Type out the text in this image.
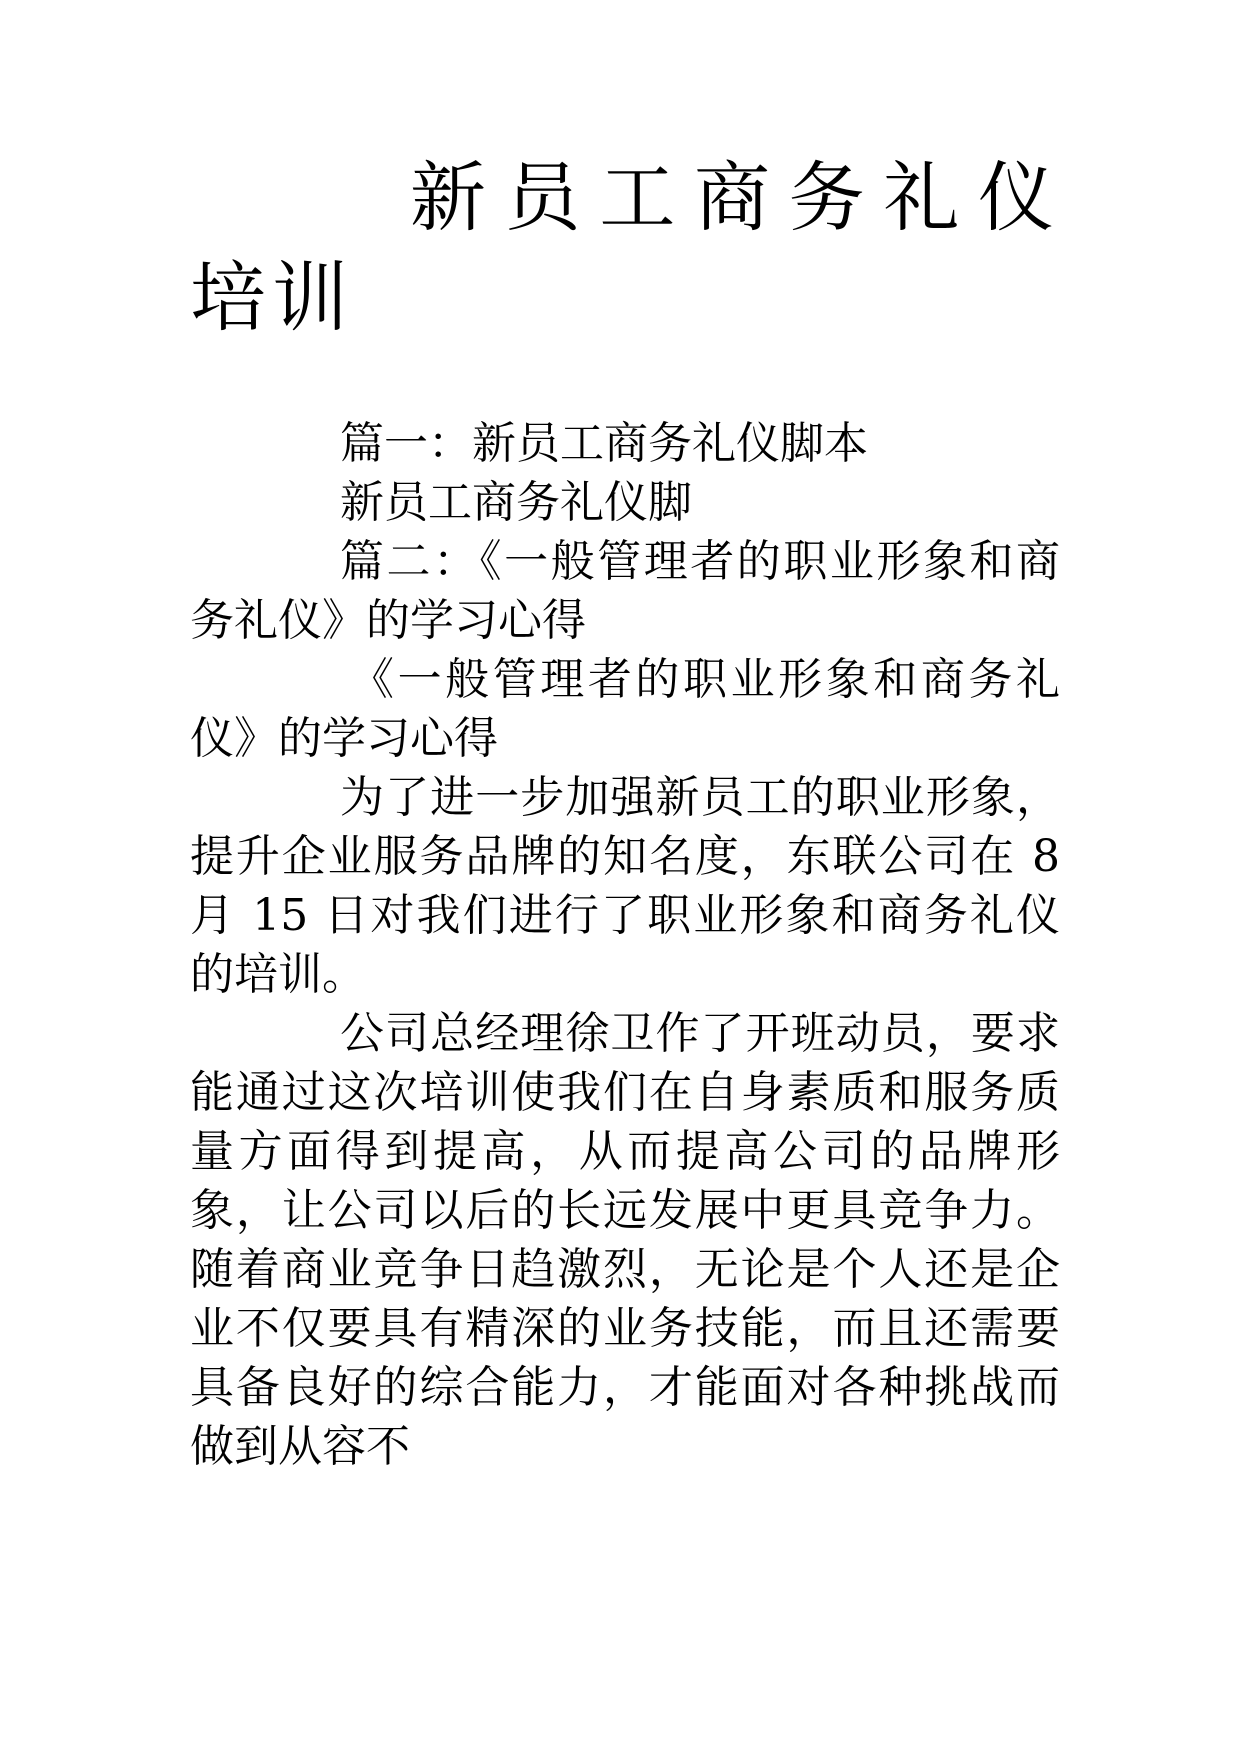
新员工商务礼仪培训

篇一：新员工商务礼仪脚本

新员工商务礼仪脚

篇二：《一般管理者的职业形象和商务礼仪》的学习心得

《一般管理者的职业形象和商务礼仪》的学习心得

为了进一步加强新员工的职业形象，提升企业服务品牌的知名度，东联公司在 8 月 15 日对我们进行了职业形象和商务礼仪的培训。

公司总经理徐卫作了开班动员，要求能通过这次培训使我们在自身素质和服务质量方面得到提高，从而提高公司的品牌形象，让公司以后的长远发展中更具竞争力。随着商业竞争日趋激烈，无论是个人还是企业不仅要具有精深的业务技能，而且还需要具备良好的综合能力，才能面对各种挑战而做到从容不
